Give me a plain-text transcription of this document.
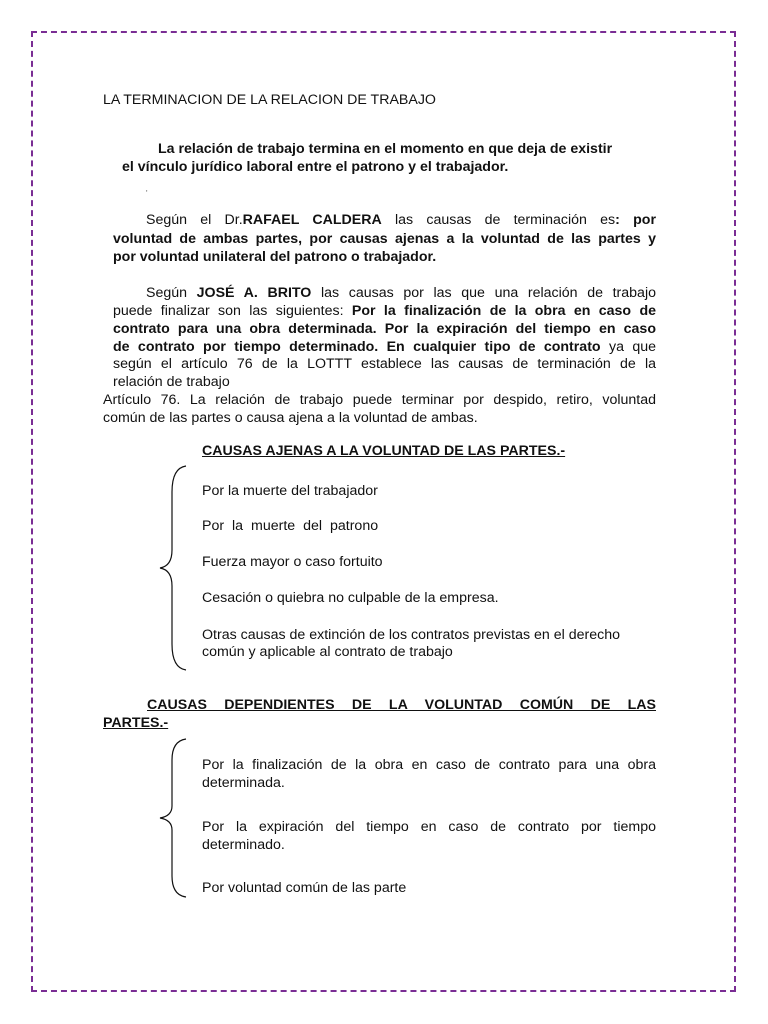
LA TERMINACION DE LA RELACION DE TRABAJO
La relación de trabajo termina en el momento en que deja de existir
el vínculo jurídico laboral entre el patrono y el trabajador.
'
Según el Dr.RAFAEL CALDERA las causas de terminación es: por
voluntad de ambas partes, por causas ajenas a la voluntad de las partes y
por voluntad unilateral del patrono o trabajador.
Según JOSÉ A. BRITO las causas por las que una relación de trabajo
puede finalizar son las siguientes: Por la finalización de la obra en caso de
contrato para una obra determinada. Por la expiración del tiempo en caso
de contrato por tiempo determinado. En cualquier tipo de contrato ya que
según el artículo 76 de la LOTTT establece las causas de terminación de la
relación de trabajo
Artículo 76. La relación de trabajo puede terminar por despido, retiro, voluntad
común de las partes o causa ajena a la voluntad de ambas.
CAUSAS AJENAS A LA VOLUNTAD DE LAS PARTES.-
Por la muerte del trabajador
Por la muerte del patrono
Fuerza mayor o caso fortuito
Cesación o quiebra no culpable de la empresa.
Otras causas de extinción de los contratos previstas en el derecho
común y aplicable al contrato de trabajo
CAUSAS DEPENDIENTES DE LA VOLUNTAD COMÚN DE LAS
PARTES.-
Por la finalización de la obra en caso de contrato para una obra
determinada.
Por la expiración del tiempo en caso de contrato por tiempo
determinado.
Por voluntad común de las parte
